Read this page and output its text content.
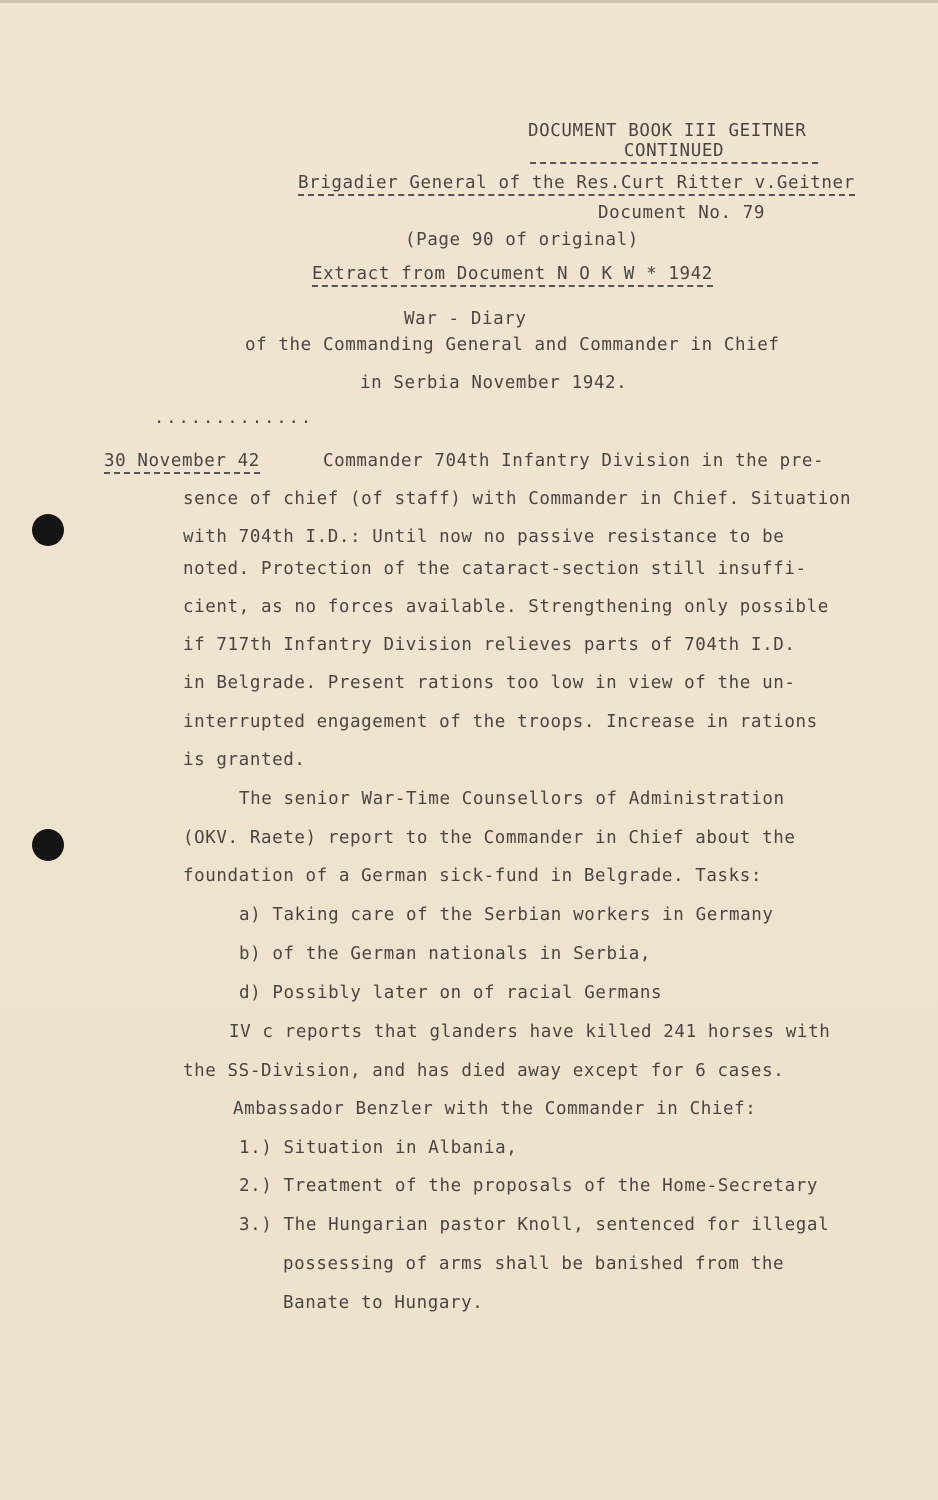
DOCUMENT BOOK III GEITNER
CONTINUED
Brigadier General of the Res.Curt Ritter v.Geitner
Document No. 79
(Page 90 of original)
Extract from Document N O K W * 1942
War - Diary
of the Commanding General and Commander in Chief
in Serbia November 1942.
.............
30 November 42	Commander 704th Infantry Division in the pre-
sence of chief (of staff) with Commander in Chief. Situation
with 704th I.D.: Until now no passive resistance to be
noted. Protection of the cataract-section still insuffi-
cient, as no forces available. Strengthening only possible
if 717th Infantry Division relieves parts of 704th I.D.
in Belgrade. Present rations too low in view of the un-
interrupted engagement of the troops. Increase in rations
is granted.
The senior War-Time Counsellors of Administration
(OKV. Raete) report to the Commander in Chief about the
foundation of a German sick-fund in Belgrade. Tasks:
a) Taking care of the Serbian workers in Germany
b) of the German nationals in Serbia,
d) Possibly later on of racial Germans
IV c reports that glanders have killed 241 horses with
the SS-Division, and has died away except for 6 cases.
Ambassador Benzler with the Commander in Chief:
1.) Situation in Albania,
2.) Treatment of the proposals of the Home-Secretary
3.) The Hungarian pastor Knoll, sentenced for illegal
possessing of arms shall be banished from the
Banate to Hungary.
